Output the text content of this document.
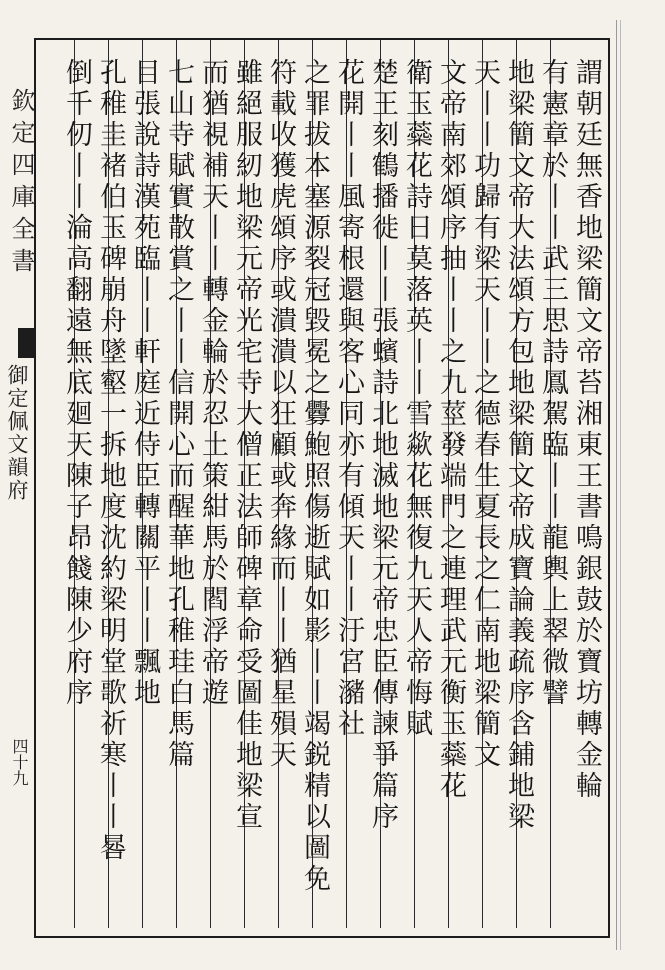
欽定四庫全書
御定佩文韻府
四十九	謂朝廷無香地梁簡文帝苔湘東王書鳴銀鼓於寶坊轉金輪
有憲章於丨丨武三思詩鳳駕臨丨丨龍輿上翠微譬
地梁簡文帝大法頌方包地梁簡文帝成寶論義疏序含鋪地梁
天丨丨功歸有梁天丨丨之德春生夏長之仁南地梁簡文
文帝南郊頌序抽丨丨之九莖發端門之連理武元衡玉蘂花
衛玉蘂花詩日莫落英丨丨雪歘花無復九天人帝悔賦
楚王刻鶴播徙丨丨張蠙詩北地滅地梁元帝忠臣傳諫爭篇序
花開丨丨風寄根還與客心同亦有傾天丨丨汙宮瀦社
之罪拔本塞源裂冠毀冕之釁鮑照傷逝賦如影丨丨竭鋭精以圖免
符載收獲虎頌序或潰潰以狂顧或奔緣而丨丨猶星殞天
雖絕服紉地梁元帝光宅寺大僧正法師碑章命受圖佳地梁宣
而猶視補天丨丨轉金輪於忍土策紺馬於閻浮帝遊
七山寺賦實散賞之丨丨信開心而醒華地孔稚珪白馬篇
目張說詩漢苑臨丨丨軒庭近侍臣轉關平丨丨飄地
孔稚圭褚伯玉碑崩舟墜壑一拆地度沈約梁明堂歌祈寒丨丨晷
倒千仞丨丨淪高翻遠無底廻天陳子昂餞陳少府序
